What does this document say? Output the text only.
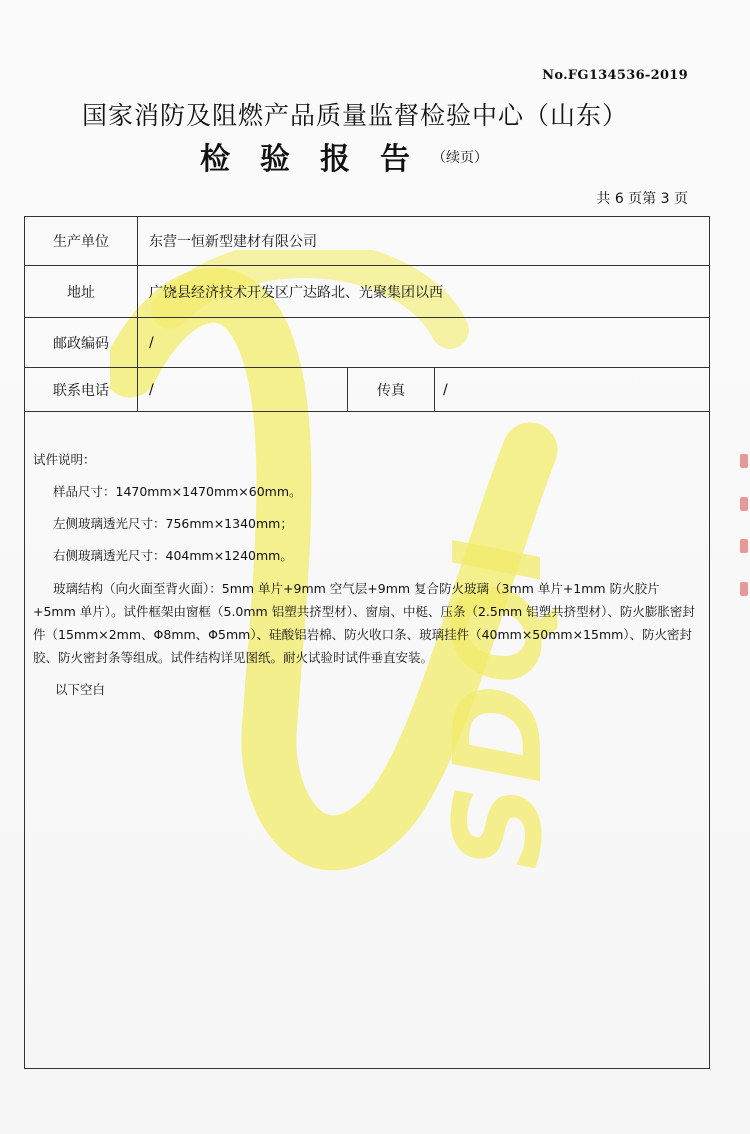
SDQI
No.FG134536-2019
国家消防及阻燃产品质量监督检验中心（山东）
检验报告
（续页）
共 6 页第 3 页
生产单位	东营一恒新型建材有限公司
地址	广饶县经济技术开发区广达路北、光聚集团以西
邮政编码	/
联系电话	/	传真	/

试件说明：

样品尺寸：1470mm×1470mm×60mm。

左侧玻璃透光尺寸：756mm×1340mm；

右侧玻璃透光尺寸：404mm×1240mm。

玻璃结构（向火面至背火面）：5mm 单片+9mm 空气层+9mm 复合防火玻璃（3mm 单片+1mm 防火胶片+5mm 单片）。试件框架由窗框（5.0mm 铝塑共挤型材）、窗扇、中梃、压条（2.5mm 铝塑共挤型材）、防火膨胀密封件（15mm×2mm、Φ8mm、Φ5mm）、硅酸铝岩棉、防火收口条、玻璃挂件（40mm×50mm×15mm）、防火密封胶、防火密封条等组成。试件结构详见图纸。耐火试验时试件垂直安装。

以下空白
